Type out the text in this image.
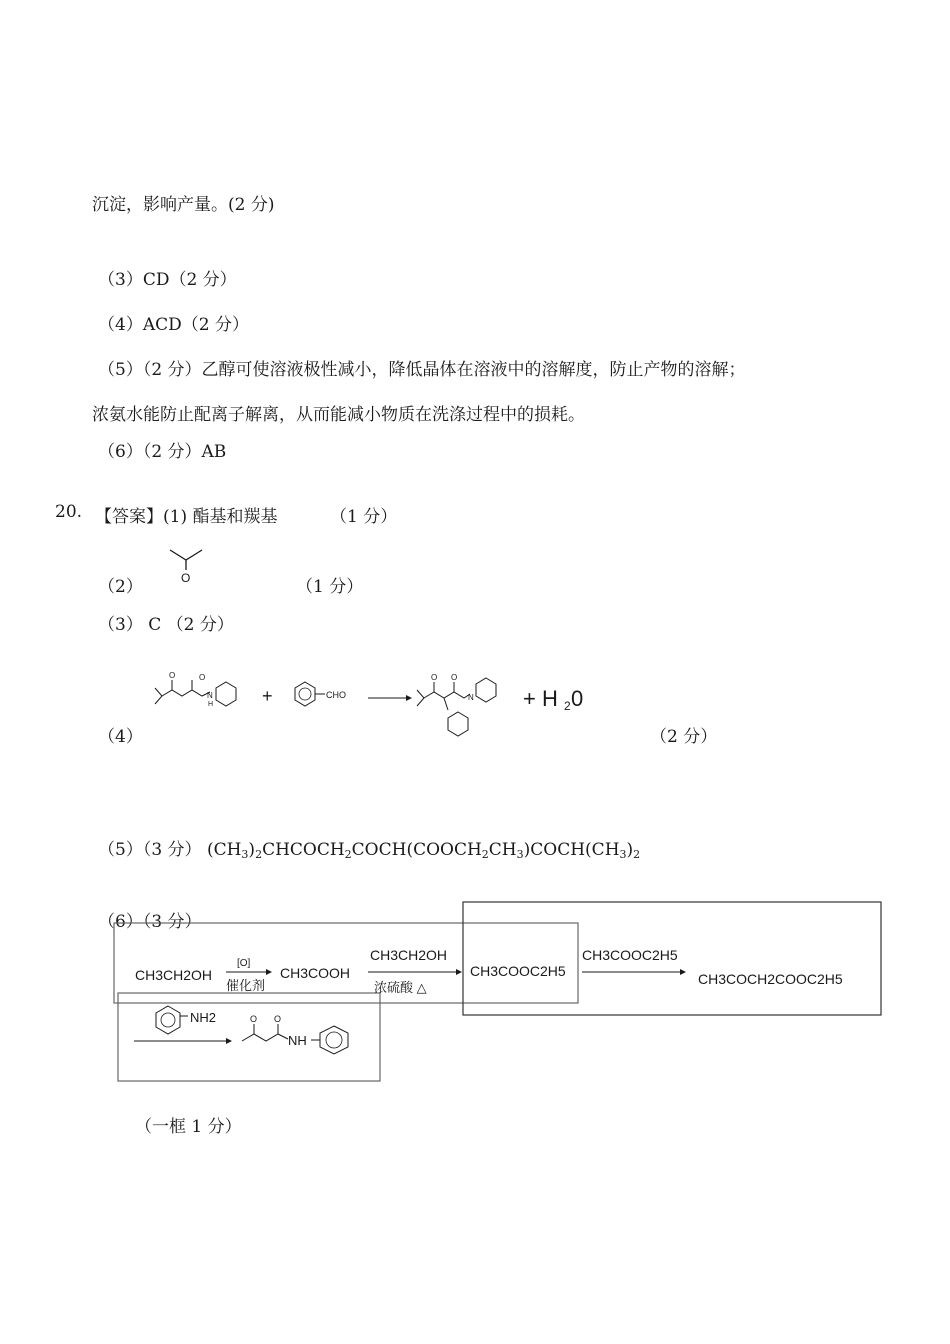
沉淀，影响产量。(2 分)
（3）CD（2 分）
（4）ACD（2 分）
（5）（2 分）乙醇可使溶液极性减小，降低晶体在溶液中的溶解度，防止产物的溶解；
浓氨水能防止配离子解离，从而能减小物质在洗涤过程中的损耗。
（6）（2 分）AB
20. 【答案】(1) 酯基和羰基	（1 分）
（2）	O	（1 分）
（3） C （2 分）
（4）
O	O
N
H	+	CHO
O O
N + H 2 0
（2 分）
（5）（3 分） $(CH_3)_2CHCOCH_2COCH(COOCH_2CH_3)COCH(CH_3)_2$
（6）（3 分）
CH3CH2OH
[O]
催化剂
CH3COOH
CH3CH2OH
浓硫酸 △
CH3COOC2H5
CH3COOC2H5
CH3COCH2COOC2H5
NH2	O O
NH
（一框 1 分）
